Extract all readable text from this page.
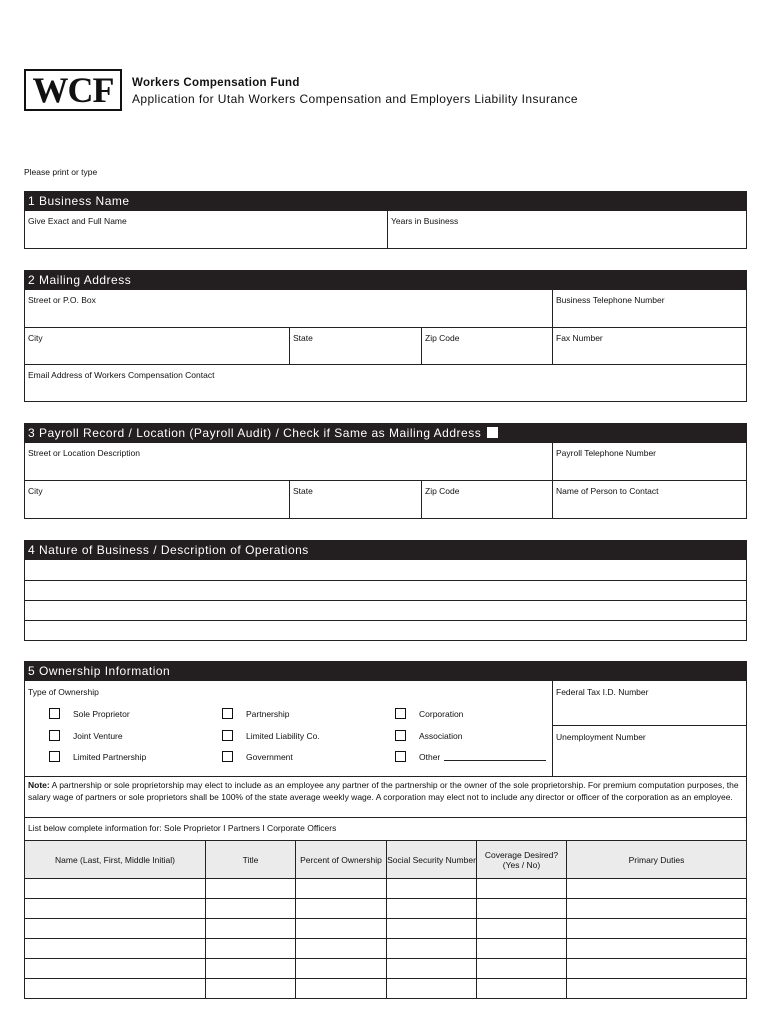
WCF	Workers Compensation Fund
Application for Utah Workers Compensation and Employers Liability Insurance
Please print or type
1 Business Name
Give Exact and Full Name	Years in Business
2 Mailing Address
Street or P.O. Box	Business Telephone Number
City	State	Zip Code	Fax Number
Email Address of Workers Compensation Contact
3 Payroll Record / Location (Payroll Audit) / Check if Same as Mailing Address
Street or Location Description	Payroll Telephone Number
City	State	Zip Code	Name of Person to Contact
4 Nature of Business / Description of Operations
5 Ownership Information
Type of Ownership
Sole Proprietor	Partnership	Corporation
Joint Venture	Limited Liability Co.	Association
Limited Partnership	Government	Other
Federal Tax I.D. Number
Unemployment Number
Note: A partnership or sole proprietorship may elect to include as an employee any partner of the partnership or the owner of the sole proprietorship. For premium computation purposes, the salary wage of partners or sole proprietors shall be 100% of the state average weekly wage. A corporation may elect not to include any director or officer of the corporation as an employee.
List below complete information for: Sole Proprietor I Partners I Corporate Officers
Name (Last, First, Middle Initial)	Title	Percent of Ownership	Social Security Number	Coverage Desired? (Yes / No)	Primary Duties
